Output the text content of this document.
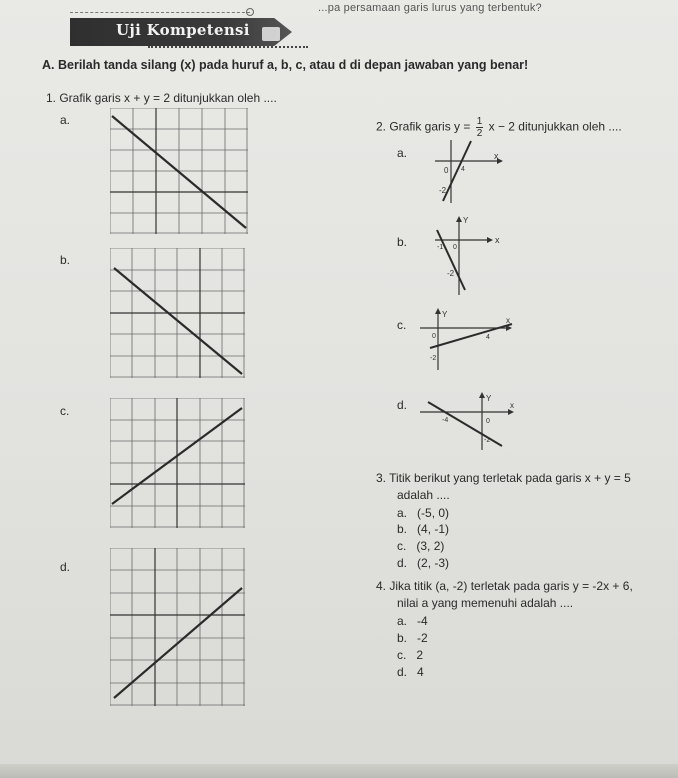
...pa persamaan garis lurus yang terbentuk?
Uji Kompetensi
A. Berilah tanda silang (x) pada huruf a, b, c, atau d di depan jawaban yang benar!
1. Grafik garis x + y = 2 ditunjukkan oleh ....
a.
b.
c.
d.
2. Grafik garis $y = \frac{1}{2}$ x − 2 ditunjukkan oleh ....
a.
b.
c.
d.
0
x
4
-2
Y
x
-1 0
-2
Y
x
0	4
-2
Y
x
-4	0
-2
3. Titik berikut yang terletak pada garis x + y = 5
adalah ....
a. (-5, 0)
b. (4, -1)
c. (3, 2)
d. (2, -3)
4. Jika titik (a, -2) terletak pada garis y = -2x + 6,
nilai a yang memenuhi adalah ....
a. -4
b. -2
c. 2
d. 4
